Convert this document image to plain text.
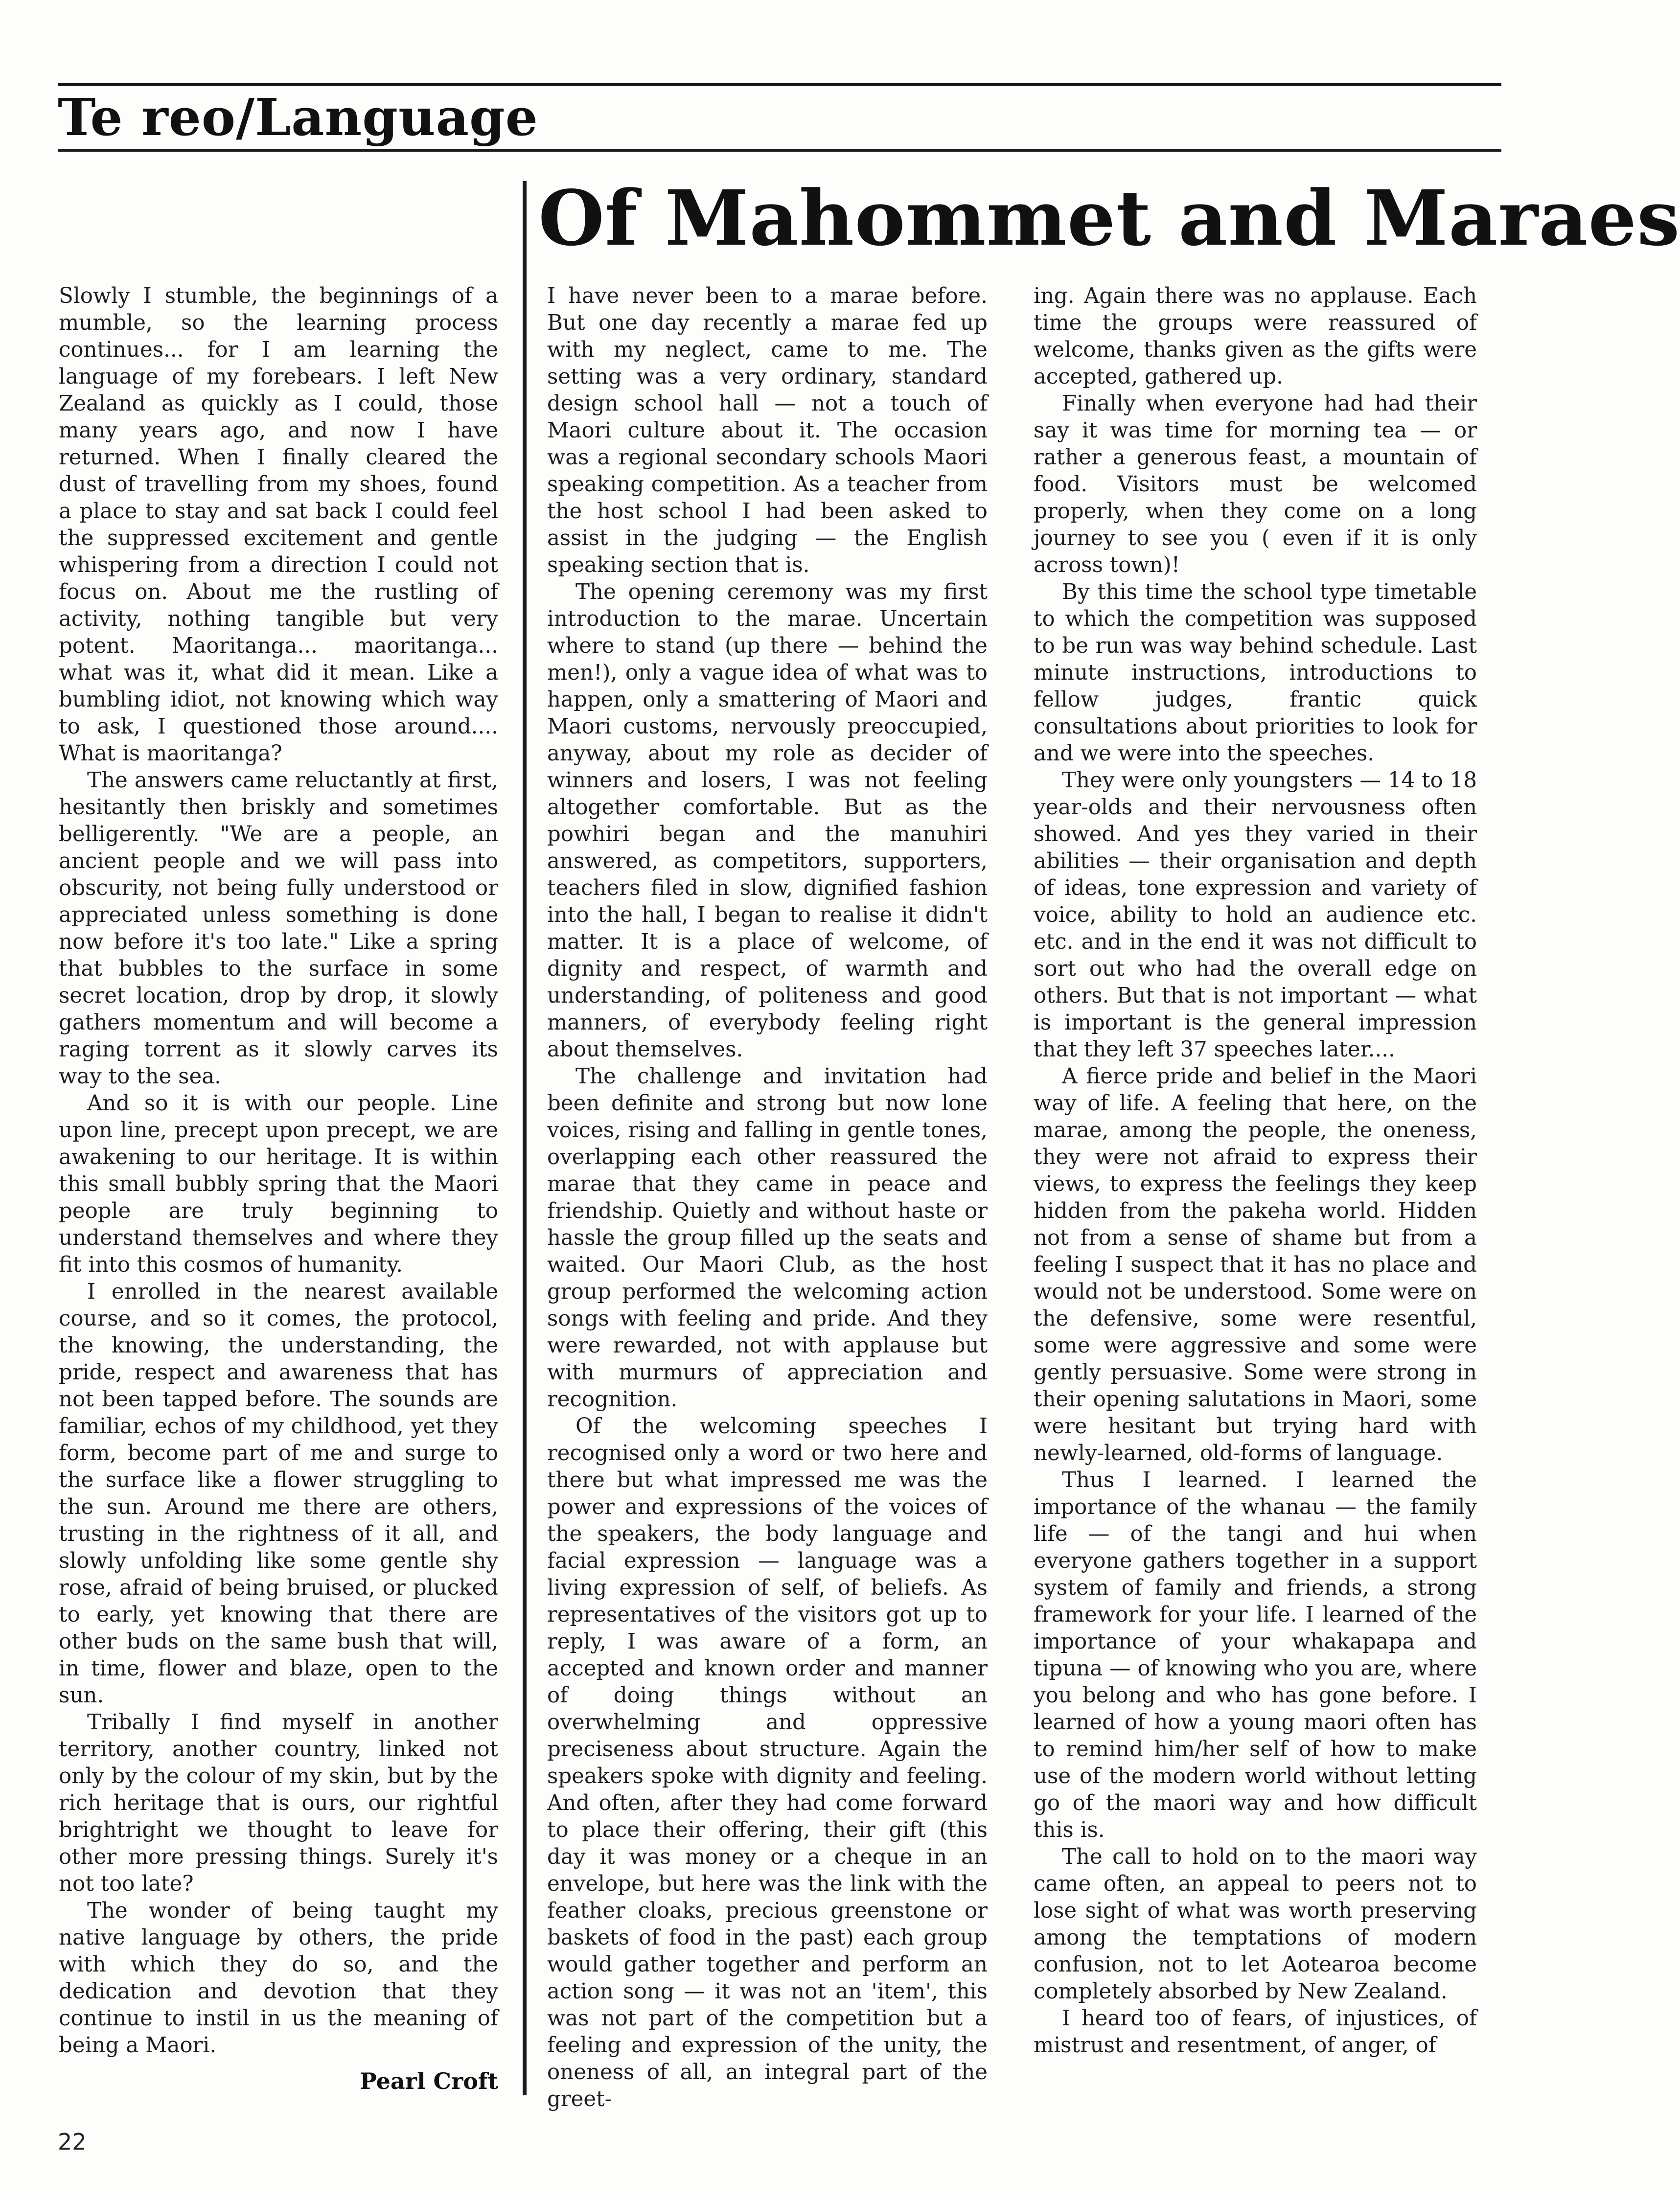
Te reo/Language
Of Mahommet and Maraes

Slowly I stumble, the beginnings of a mumble, so the learning process continues... for I am learning the language of my forebears. I left New Zealand as quickly as I could, those many years ago, and now I have returned. When I finally cleared the dust of travelling from my shoes, found a place to stay and sat back I could feel the suppressed excitement and gentle whispering from a direction I could not focus on. About me the rustling of activity, nothing tangible but very potent. Maoritanga... maoritanga... what was it, what did it mean. Like a bumbling idiot, not knowing which way to ask, I questioned those around.... What is maoritanga?

The answers came reluctantly at first, hesitantly then briskly and sometimes belligerently. "We are a people, an ancient people and we will pass into obscurity, not being fully understood or appreciated unless something is done now before it's too late." Like a spring that bubbles to the surface in some secret location, drop by drop, it slowly gathers momentum and will become a raging torrent as it slowly carves its way to the sea.

And so it is with our people. Line upon line, precept upon precept, we are awakening to our heritage. It is within this small bubbly spring that the Maori people are truly beginning to understand themselves and where they fit into this cosmos of humanity.

I enrolled in the nearest available course, and so it comes, the protocol, the knowing, the understanding, the pride, respect and awareness that has not been tapped before. The sounds are familiar, echos of my childhood, yet they form, become part of me and surge to the surface like a flower struggling to the sun. Around me there are others, trusting in the rightness of it all, and slowly unfolding like some gentle shy rose, afraid of being bruised, or plucked to early, yet knowing that there are other buds on the same bush that will, in time, flower and blaze, open to the sun.

Tribally I find myself in another territory, another country, linked not only by the colour of my skin, but by the rich heritage that is ours, our rightful brightright we thought to leave for other more pressing things. Surely it's not too late?

The wonder of being taught my native language by others, the pride with which they do so, and the dedication and devotion that they continue to instil in us the meaning of being a Maori.

Pearl Croft

I have never been to a marae before. But one day recently a marae fed up with my neglect, came to me. The setting was a very ordinary, standard design school hall — not a touch of Maori culture about it. The occasion was a regional secondary schools Maori speaking competition. As a teacher from the host school I had been asked to assist in the judging — the English speaking section that is.

The opening ceremony was my first introduction to the marae. Uncertain where to stand (up there — behind the men!), only a vague idea of what was to happen, only a smattering of Maori and Maori customs, nervously preoccupied, anyway, about my role as decider of winners and losers, I was not feeling altogether comfortable. But as the powhiri began and the manuhiri answered, as competitors, supporters, teachers filed in slow, dignified fashion into the hall, I began to realise it didn't matter. It is a place of welcome, of dignity and respect, of warmth and understanding, of politeness and good manners, of everybody feeling right about themselves.

The challenge and invitation had been definite and strong but now lone voices, rising and falling in gentle tones, overlapping each other reassured the marae that they came in peace and friendship. Quietly and without haste or hassle the group filled up the seats and waited. Our Maori Club, as the host group performed the welcoming action songs with feeling and pride. And they were rewarded, not with applause but with murmurs of appreciation and recognition.

Of the welcoming speeches I recognised only a word or two here and there but what impressed me was the power and expressions of the voices of the speakers, the body language and facial expression — language was a living expression of self, of beliefs. As representatives of the visitors got up to reply, I was aware of a form, an accepted and known order and manner of doing things without an overwhelming and oppressive preciseness about structure. Again the speakers spoke with dignity and feeling. And often, after they had come forward to place their offering, their gift (this day it was money or a cheque in an envelope, but here was the link with the feather cloaks, precious greenstone or baskets of food in the past) each group would gather together and perform an action song — it was not an 'item', this was not part of the competition but a feeling and expression of the unity, the oneness of all, an integral part of the greet-

ing. Again there was no applause. Each time the groups were reassured of welcome, thanks given as the gifts were accepted, gathered up.

Finally when everyone had had their say it was time for morning tea — or rather a generous feast, a mountain of food. Visitors must be welcomed properly, when they come on a long journey to see you ( even if it is only across town)!

By this time the school type timetable to which the competition was supposed to be run was way behind schedule. Last minute instructions, introductions to fellow judges, frantic quick consultations about priorities to look for and we were into the speeches.

They were only youngsters — 14 to 18 year-olds and their nervousness often showed. And yes they varied in their abilities — their organisation and depth of ideas, tone expression and variety of voice, ability to hold an audience etc. etc. and in the end it was not difficult to sort out who had the overall edge on others. But that is not important — what is important is the general impression that they left 37 speeches later....

A fierce pride and belief in the Maori way of life. A feeling that here, on the marae, among the people, the oneness, they were not afraid to express their views, to express the feelings they keep hidden from the pakeha world. Hidden not from a sense of shame but from a feeling I suspect that it has no place and would not be understood. Some were on the defensive, some were resentful, some were aggressive and some were gently persuasive. Some were strong in their opening salutations in Maori, some were hesitant but trying hard with newly-learned, old-forms of language.

Thus I learned. I learned the importance of the whanau — the family life — of the tangi and hui when everyone gathers together in a support system of family and friends, a strong framework for your life. I learned of the importance of your whakapapa and tipuna — of knowing who you are, where you belong and who has gone before. I learned of how a young maori often has to remind him/her self of how to make use of the modern world without letting go of the maori way and how difficult this is.

The call to hold on to the maori way came often, an appeal to peers not to lose sight of what was worth preserving among the temptations of modern confusion, not to let Aotearoa become completely absorbed by New Zealand.

I heard too of fears, of injustices, of mistrust and resentment, of anger, of

22
